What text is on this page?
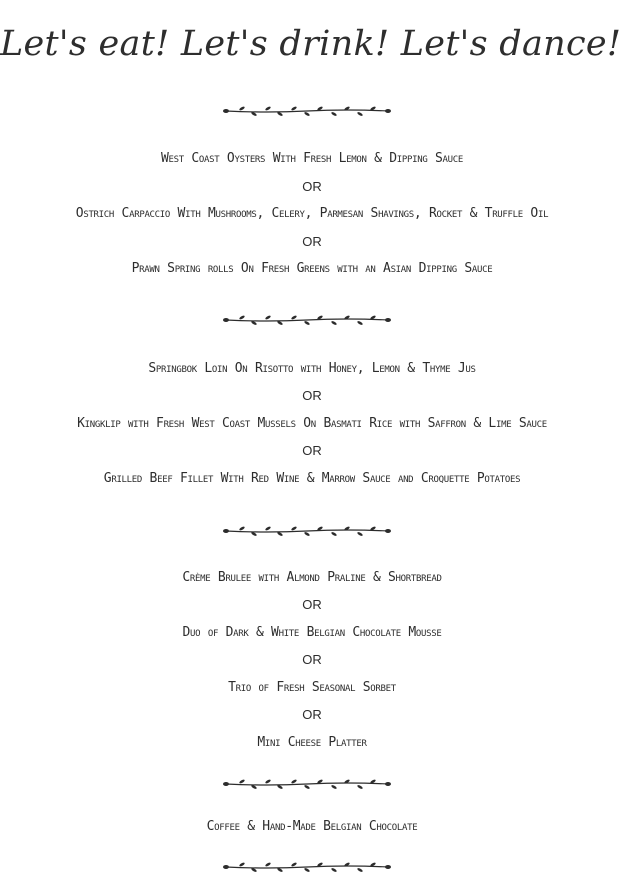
Let's eat! Let's drink! Let's dance!
West Coast Oysters With Fresh Lemon & Dipping Sauce
OR
Ostrich Carpaccio With Mushrooms, Celery, Parmesan Shavings, Rocket & Truffle Oil
OR
Prawn Spring rolls On Fresh Greens with an Asian Dipping Sauce
Springbok Loin On Risotto with Honey, Lemon & Thyme Jus
OR
Kingklip with Fresh West Coast Mussels On Basmati Rice with Saffron & Lime Sauce
OR
Grilled Beef Fillet With Red Wine & Marrow Sauce and Croquette Potatoes
Crème Brulee with Almond Praline & Shortbread
OR
Duo of Dark & White Belgian Chocolate Mousse
OR
Trio of Fresh Seasonal Sorbet
OR
Mini Cheese Platter
Coffee & Hand-Made Belgian Chocolate
